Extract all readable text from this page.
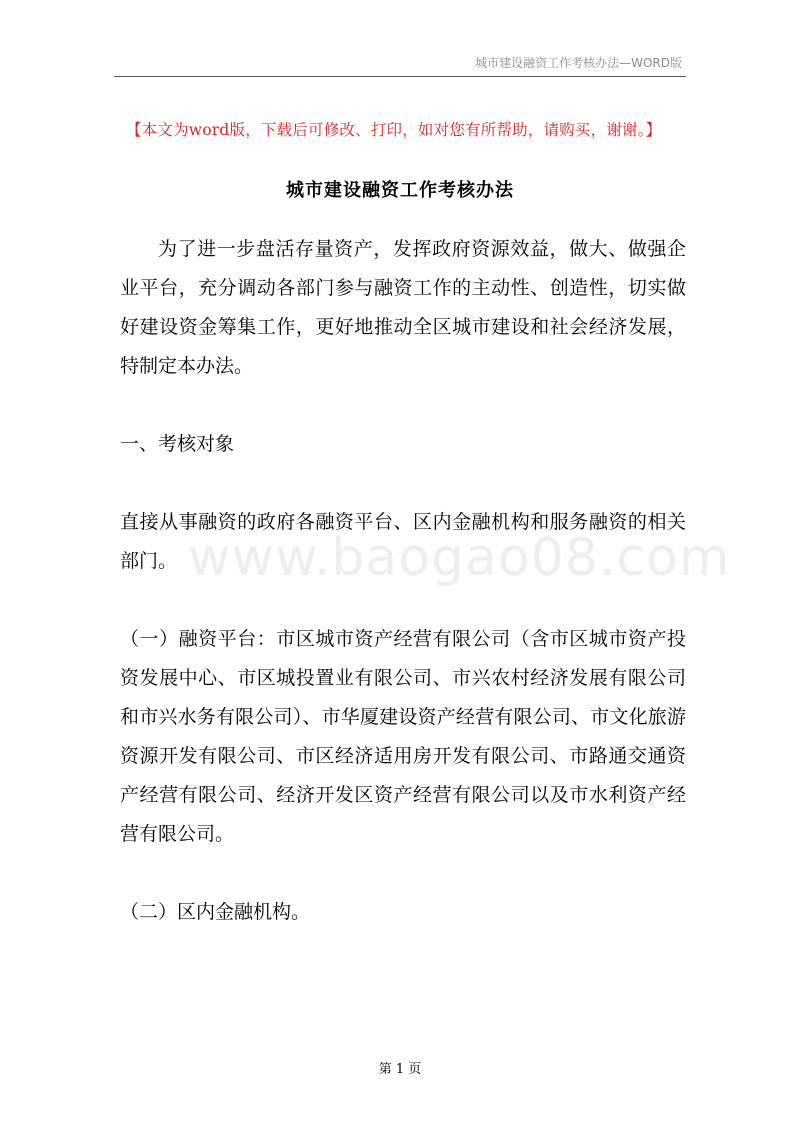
城市建设融资工作考核办法—WORD版
www.baogao08.com
【本文为word版，下载后可修改、打印，如对您有所帮助，请购买，谢谢。】
城市建设融资工作考核办法

为了进一步盘活存量资产，发挥政府资源效益，做大、做强企业平台，充分调动各部门参与融资工作的主动性、创造性，切实做好建设资金筹集工作，更好地推动全区城市建设和社会经济发展，特制定本办法。

一、考核对象

直接从事融资的政府各融资平台、区内金融机构和服务融资的相关部门。

（一）融资平台：市区城市资产经营有限公司（含市区城市资产投资发展中心、市区城投置业有限公司、市兴农村经济发展有限公司和市兴水务有限公司）、市华厦建设资产经营有限公司、市文化旅游资源开发有限公司、市区经济适用房开发有限公司、市路通交通资产经营有限公司、经济开发区资产经营有限公司以及市水利资产经营有限公司。

（二）区内金融机构。

第 1 页
